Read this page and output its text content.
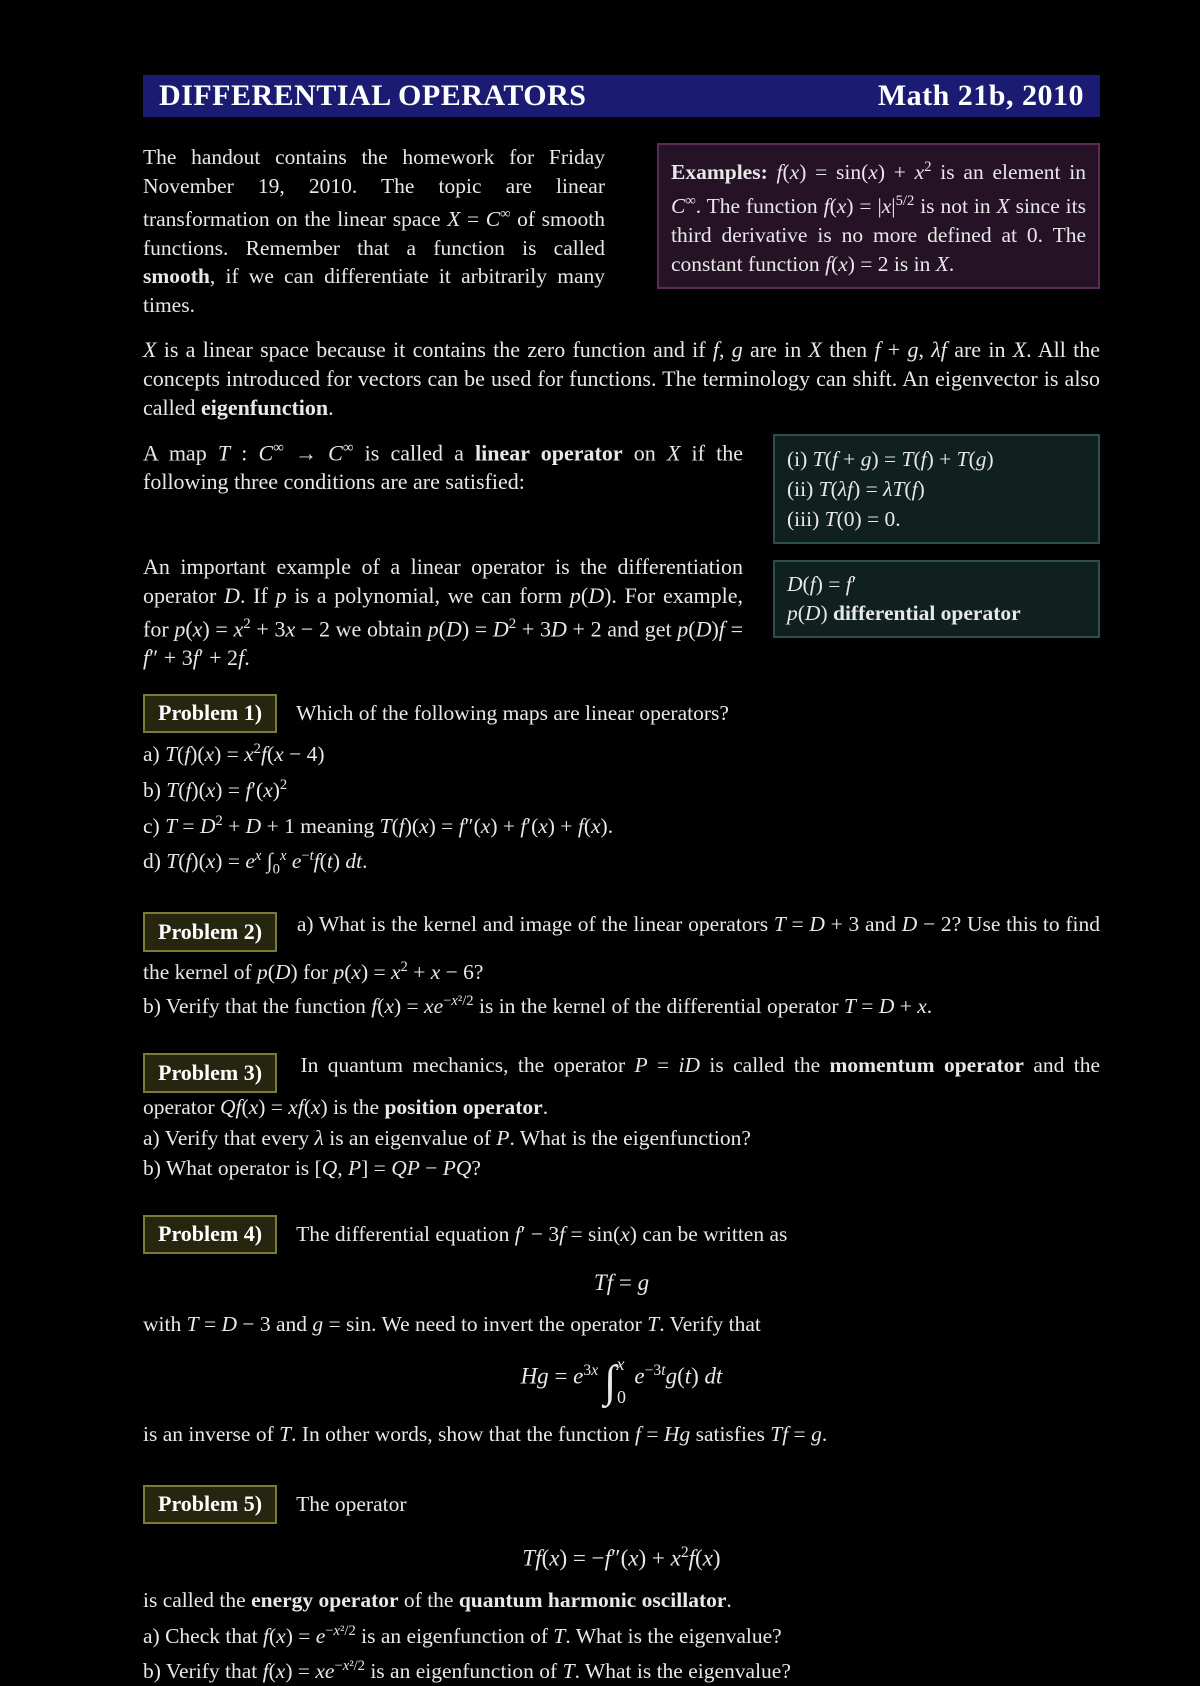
DIFFERENTIAL OPERATORS	Math 21b, 2010

The handout contains the homework for Friday November 19, 2010. The topic are linear transformation on the linear space X = C∞ of smooth functions. Remember that a function is called smooth, if we can differentiate it arbitrarily many times.

Examples: $f(x) = \sin(x) + x^2$ is an element in C∞. The function $f(x) = |x|^{5/2}$ is not in X since its third derivative is no more defined at 0. The constant function f(x) = 2 is in X.

X is a linear space because it contains the zero function and if f, g are in X then f + g, λf are in X. All the concepts introduced for vectors can be used for functions. The terminology can shift. An eigenvector is also called eigenfunction.

A map T : C∞ → C∞ is called a linear operator on X if the following three conditions are are satisfied:

(i) T(f + g) = T(f) + T(g)
(ii) T(λf) = λT(f)
(iii) T(0) = 0.

An important example of a linear operator is the differentiation operator D. If p is a polynomial, we can form p(D). For example, for $p(x) = x^2 + 3x - 2$ we obtain $p(D) = D^2 + 3D + 2$ and get p(D)f = f″ + 3f′ + 2f.

D(f) = f′
p(D) differential operator
Problem 1) Which of the following maps are linear operators?
a) $T(f)(x) = x^2f(x - 4)$
b) $T(f)(x) = f'(x)^2$
c) $T = D^2 + D + 1$ meaning T(f)(x) = f″(x) + f′(x) + f(x).
d) $T(f)(x) = e^x$ $\int_0^x$ $e^{-t}f(t)$ dt.

Problem 2) a) What is the kernel and image of the linear operators T = D + 3 and D − 2? Use this to find the kernel of p(D) for $p(x) = x^2 + x - 6$?

b) Verify that the function $f(x) = xe^{-x^2/2}$ is in the kernel of the differential operator T = D + x.

Problem 3) In quantum mechanics, the operator P = iD is called the momentum operator and the operator Qf(x) = xf(x) is the position operator.

a) Verify that every λ is an eigenvalue of P. What is the eigenfunction?
b) What operator is [Q, P] = QP − PQ?
Problem 4) The differential equation f′ − 3f = sin(x) can be written as
Tf = g

with T = D − 3 and g = sin. We need to invert the operator T. Verify that

$Hg = e^{3x}$ ∫$^x_0$ $e^{-3t}g(t)$ dt

is an inverse of T. In other words, show that the function f = Hg satisfies Tf = g.

Problem 5) The operator
$Tf(x) = -f''(x) + x^2f(x)$

is called the energy operator of the quantum harmonic oscillator.

a) Check that $f(x) = e^{-x^2/2}$ is an eigenfunction of T. What is the eigenvalue?
b) Verify that $f(x) = xe^{-x^2/2}$ is an eigenfunction of T. What is the eigenvalue?
